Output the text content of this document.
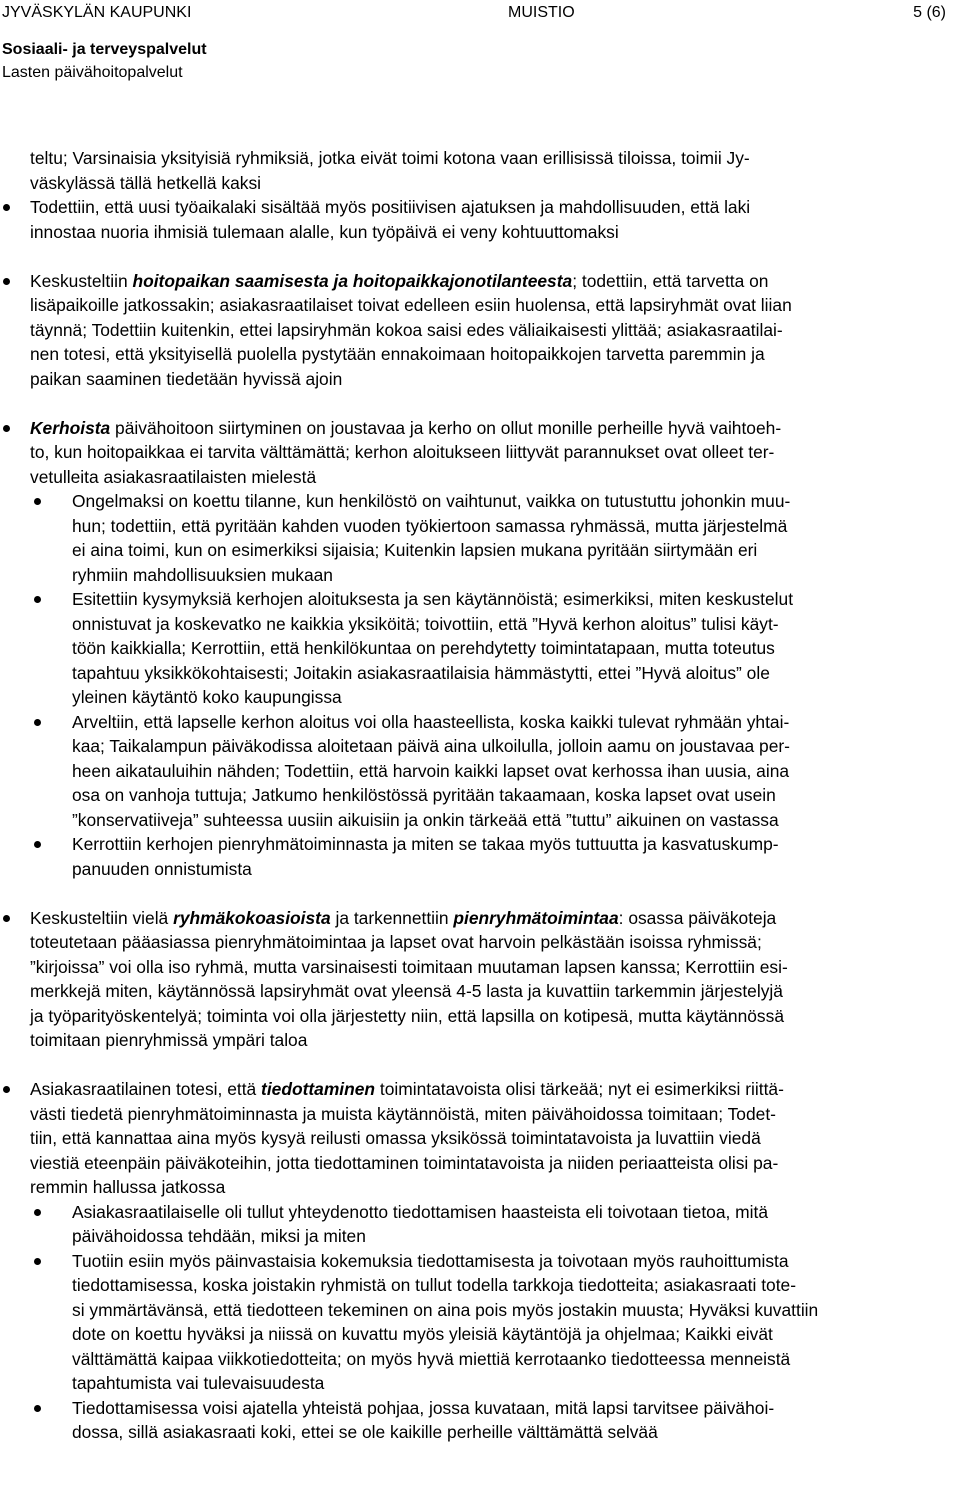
JYVÄSKYLÄN KAUPUNKI	MUISTIO	5 (6)
Sosiaali- ja terveyspalvelut
Lasten päivähoitopalvelut
teltu; Varsinaisia yksityisiä ryhmiksiä, jotka eivät toimi kotona vaan erillisissä tiloissa, toimii Jy-
väskylässä tällä hetkellä kaksi
Todettiin, että uusi työaikalaki sisältää myös positiivisen ajatuksen ja mahdollisuuden, että laki
innostaa nuoria ihmisiä tulemaan alalle, kun työpäivä ei veny kohtuuttomaksi
Keskusteltiin hoitopaikan saamisesta ja hoitopaikkajonotilanteesta; todettiin, että tarvetta on
lisäpaikoille jatkossakin; asiakasraatilaiset toivat edelleen esiin huolensa, että lapsiryhmät ovat liian
täynnä; Todettiin kuitenkin, ettei lapsiryhmän kokoa saisi edes väliaikaisesti ylittää; asiakasraatilai-
nen totesi, että yksityisellä puolella pystytään ennakoimaan hoitopaikkojen tarvetta paremmin ja
paikan saaminen tiedetään hyvissä ajoin
Kerhoista päivähoitoon siirtyminen on joustavaa ja kerho on ollut monille perheille hyvä vaihtoeh-
to, kun hoitopaikkaa ei tarvita välttämättä; kerhon aloitukseen liittyvät parannukset ovat olleet ter-
vetulleita asiakasraatilaisten mielestä
Ongelmaksi on koettu tilanne, kun henkilöstö on vaihtunut, vaikka on tutustuttu johonkin muu-
hun; todettiin, että pyritään kahden vuoden työkiertoon samassa ryhmässä, mutta järjestelmä
ei aina toimi, kun on esimerkiksi sijaisia; Kuitenkin lapsien mukana pyritään siirtymään eri
ryhmiin mahdollisuuksien mukaan
Esitettiin kysymyksiä kerhojen aloituksesta ja sen käytännöistä; esimerkiksi, miten keskustelut
onnistuvat ja koskevatko ne kaikkia yksiköitä; toivottiin, että ”Hyvä kerhon aloitus” tulisi käyt-
töön kaikkialla; Kerrottiin, että henkilökuntaa on perehdytetty toimintatapaan, mutta toteutus
tapahtuu yksikkökohtaisesti; Joitakin asiakasraatilaisia hämmästytti, ettei ”Hyvä aloitus” ole
yleinen käytäntö koko kaupungissa
Arveltiin, että lapselle kerhon aloitus voi olla haasteellista, koska kaikki tulevat ryhmään yhtai-
kaa; Taikalampun päiväkodissa aloitetaan päivä aina ulkoilulla, jolloin aamu on joustavaa per-
heen aikatauluihin nähden; Todettiin, että harvoin kaikki lapset ovat kerhossa ihan uusia, aina
osa on vanhoja tuttuja; Jatkumo henkilöstössä pyritään takaamaan, koska lapset ovat usein
”konservatiiveja” suhteessa uusiin aikuisiin ja onkin tärkeää että ”tuttu” aikuinen on vastassa
Kerrottiin kerhojen pienryhmätoiminnasta ja miten se takaa myös tuttuutta ja kasvatuskump-
panuuden onnistumista
Keskusteltiin vielä ryhmäkokoasioista ja tarkennettiin pienryhmätoimintaa: osassa päiväkoteja
toteutetaan pääasiassa pienryhmätoimintaa ja lapset ovat harvoin pelkästään isoissa ryhmissä;
”kirjoissa” voi olla iso ryhmä, mutta varsinaisesti toimitaan muutaman lapsen kanssa; Kerrottiin esi-
merkkejä miten, käytännössä lapsiryhmät ovat yleensä 4-5 lasta ja kuvattiin tarkemmin järjestelyjä
ja työparityöskentelyä; toiminta voi olla järjestetty niin, että lapsilla on kotipesä, mutta käytännössä
toimitaan pienryhmissä ympäri taloa
Asiakasraatilainen totesi, että tiedottaminen toimintatavoista olisi tärkeää; nyt ei esimerkiksi riittä-
västi tiedetä pienryhmätoiminnasta ja muista käytännöistä, miten päivähoidossa toimitaan; Todet-
tiin, että kannattaa aina myös kysyä reilusti omassa yksikössä toimintatavoista ja luvattiin viedä
viestiä eteenpäin päiväkoteihin, jotta tiedottaminen toimintatavoista ja niiden periaatteista olisi pa-
remmin hallussa jatkossa
Asiakasraatilaiselle oli tullut yhteydenotto tiedottamisen haasteista eli toivotaan tietoa, mitä
päivähoidossa tehdään, miksi ja miten
Tuotiin esiin myös päinvastaisia kokemuksia tiedottamisesta ja toivotaan myös rauhoittumista
tiedottamisessa, koska joistakin ryhmistä on tullut todella tarkkoja tiedotteita; asiakasraati tote-
si ymmärtävänsä, että tiedotteen tekeminen on aina pois myös jostakin muusta; Hyväksi kuvattiin
dote on koettu hyväksi ja niissä on kuvattu myös yleisiä käytäntöjä ja ohjelmaa; Kaikki eivät
välttämättä kaipaa viikkotiedotteita; on myös hyvä miettiä kerrotaanko tiedotteessa menneistä
tapahtumista vai tulevaisuudesta
Tiedottamisessa voisi ajatella yhteistä pohjaa, jossa kuvataan, mitä lapsi tarvitsee päivähoi-
dossa, sillä asiakasraati koki, ettei se ole kaikille perheille välttämättä selvää
